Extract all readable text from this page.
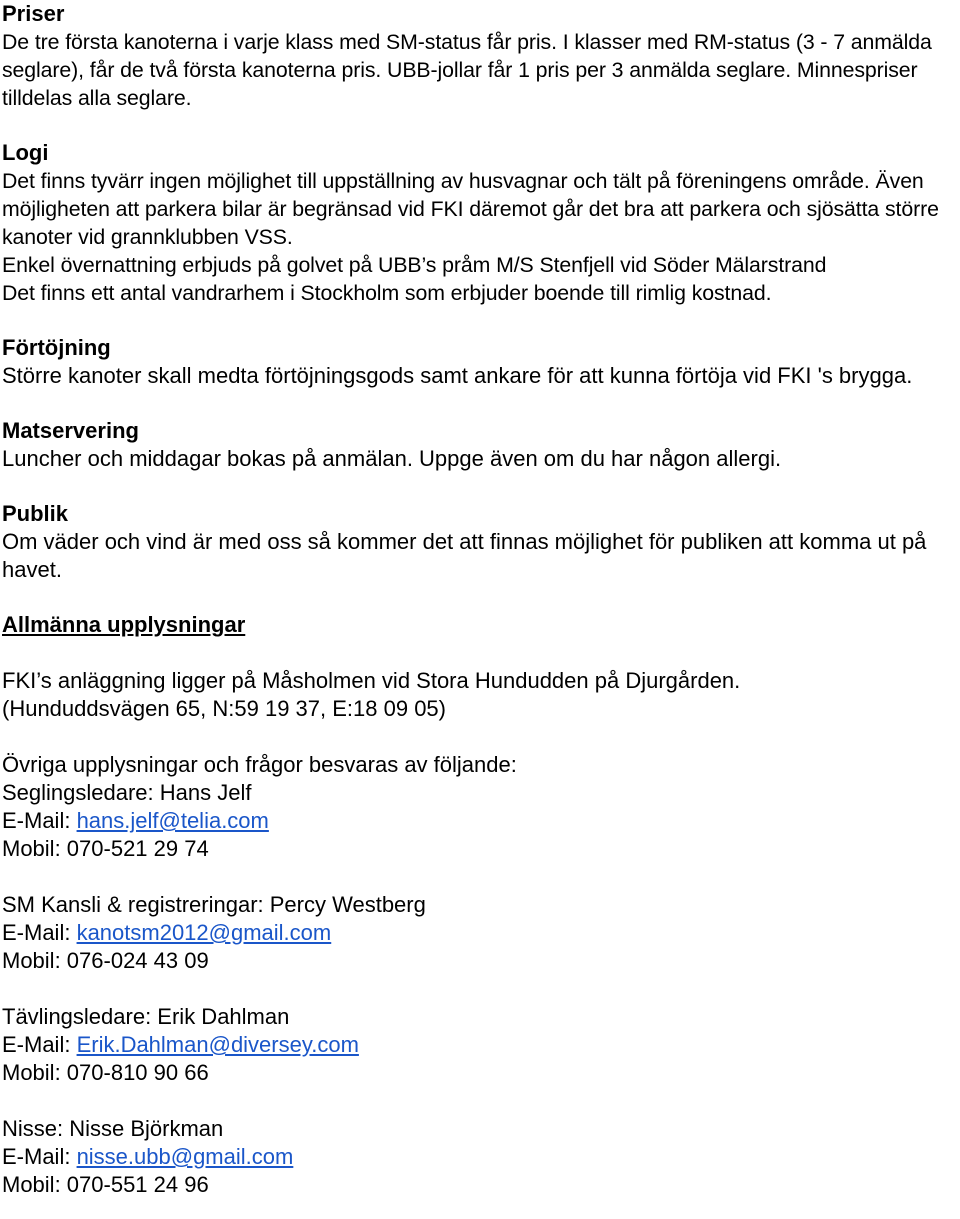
Priser

De tre första kanoterna i varje klass med SM-status får pris. I klasser med RM-status (3 - 7 anmälda seglare), får de två första kanoterna pris. UBB-jollar får 1 pris per 3 anmälda seglare. Minnespriser tilldelas alla seglare.

Logi

Det finns tyvärr ingen möjlighet till uppställning av husvagnar och tält på föreningens område. Även möjligheten att parkera bilar är begränsad vid FKI däremot går det bra att parkera och sjösätta större kanoter vid grannklubben VSS.

Enkel övernattning erbjuds på golvet på UBB’s pråm M/S Stenfjell vid Söder Mälarstrand

Det finns ett antal vandrarhem i Stockholm som erbjuder boende till rimlig kostnad.

Förtöjning

Större kanoter skall medta förtöjningsgods samt ankare för att kunna förtöja vid FKI 's brygga.

Matservering

Luncher och middagar bokas på anmälan. Uppge även om du har någon allergi.

Publik

Om väder och vind är med oss så kommer det att finnas möjlighet för publiken att komma ut på havet.

Allmänna upplysningar

FKI’s anläggning ligger på Måsholmen vid Stora Hundudden på Djurgården.

(Hunduddsvägen 65, N:59 19 37, E:18 09 05)

Övriga upplysningar och frågor besvaras av följande:

Seglingsledare: Hans Jelf

E-Mail: hans.jelf@telia.com

Mobil: 070-521 29 74

SM Kansli & registreringar: Percy Westberg

E-Mail: kanotsm2012@gmail.com

Mobil: 076-024 43 09

Tävlingsledare: Erik Dahlman

E-Mail: Erik.Dahlman@diversey.com

Mobil: 070-810 90 66

Nisse: Nisse Björkman

E-Mail: nisse.ubb@gmail.com

Mobil: 070-551 24 96
